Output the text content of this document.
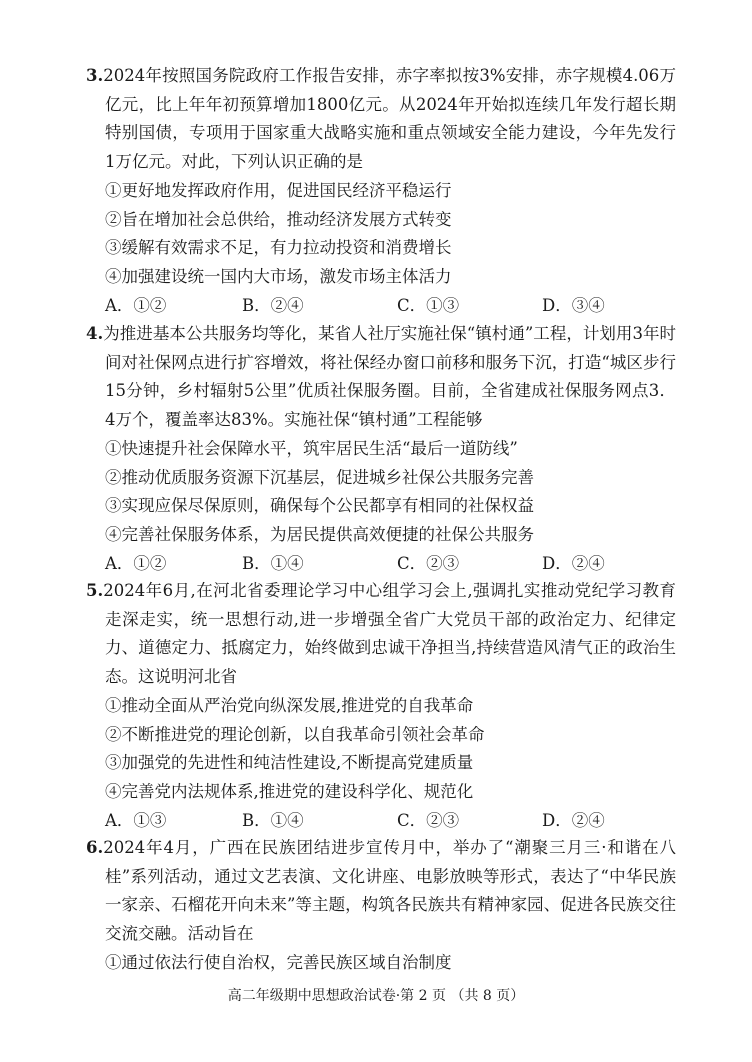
3.2024年按照国务院政府工作报告安排，赤字率拟按3%安排，赤字规模4.06万亿元，比上年年初预算增加1800亿元。从2024年开始拟连续几年发行超长期特别国债，专项用于国家重大战略实施和重点领域安全能力建设，今年先发行1万亿元。对此，下列认识正确的是

①更好地发挥政府作用，促进国民经济平稳运行

②旨在增加社会总供给，推动经济发展方式转变

③缓解有效需求不足，有力拉动投资和消费增长

④加强建设统一国内大市场，激发市场主体活力

A．①②	B．②④	C．①③	D．③④

4.为推进基本公共服务均等化，某省人社厅实施社保“镇村通”工程，计划用3年时间对社保网点进行扩容增效，将社保经办窗口前移和服务下沉，打造“城区步行15分钟，乡村辐射5公里”优质社保服务圈。目前，全省建成社保服务网点3．4万个，覆盖率达83%。实施社保“镇村通”工程能够

①快速提升社会保障水平，筑牢居民生活“最后一道防线”

②推动优质服务资源下沉基层，促进城乡社保公共服务完善

③实现应保尽保原则，确保每个公民都享有相同的社保权益

④完善社保服务体系，为居民提供高效便捷的社保公共服务

A．①②	B．①④	C．②③	D．②④

5.2024年6月,在河北省委理论学习中心组学习会上,强调扎实推动党纪学习教育走深走实，统一思想行动,进一步增强全省广大党员干部的政治定力、纪律定力、道德定力、抵腐定力，始终做到忠诚干净担当,持续营造风清气正的政治生态。这说明河北省

①推动全面从严治党向纵深发展,推进党的自我革命

②不断推进党的理论创新，以自我革命引领社会革命

③加强党的先进性和纯洁性建设,不断提高党建质量

④完善党内法规体系,推进党的建设科学化、规范化

A．①③	B．①④	C．②③	D．②④

6.2024年4月，广西在民族团结进步宣传月中，举办了“潮聚三月三·和谐在八桂”系列活动，通过文艺表演、文化讲座、电影放映等形式，表达了“中华民族一家亲、石榴花开向未来”等主题，构筑各民族共有精神家园、促进各民族交往交流交融。活动旨在

①通过依法行使自治权，完善民族区域自治制度

高二年级期中思想政治试卷·第 2 页 （共 8 页）
